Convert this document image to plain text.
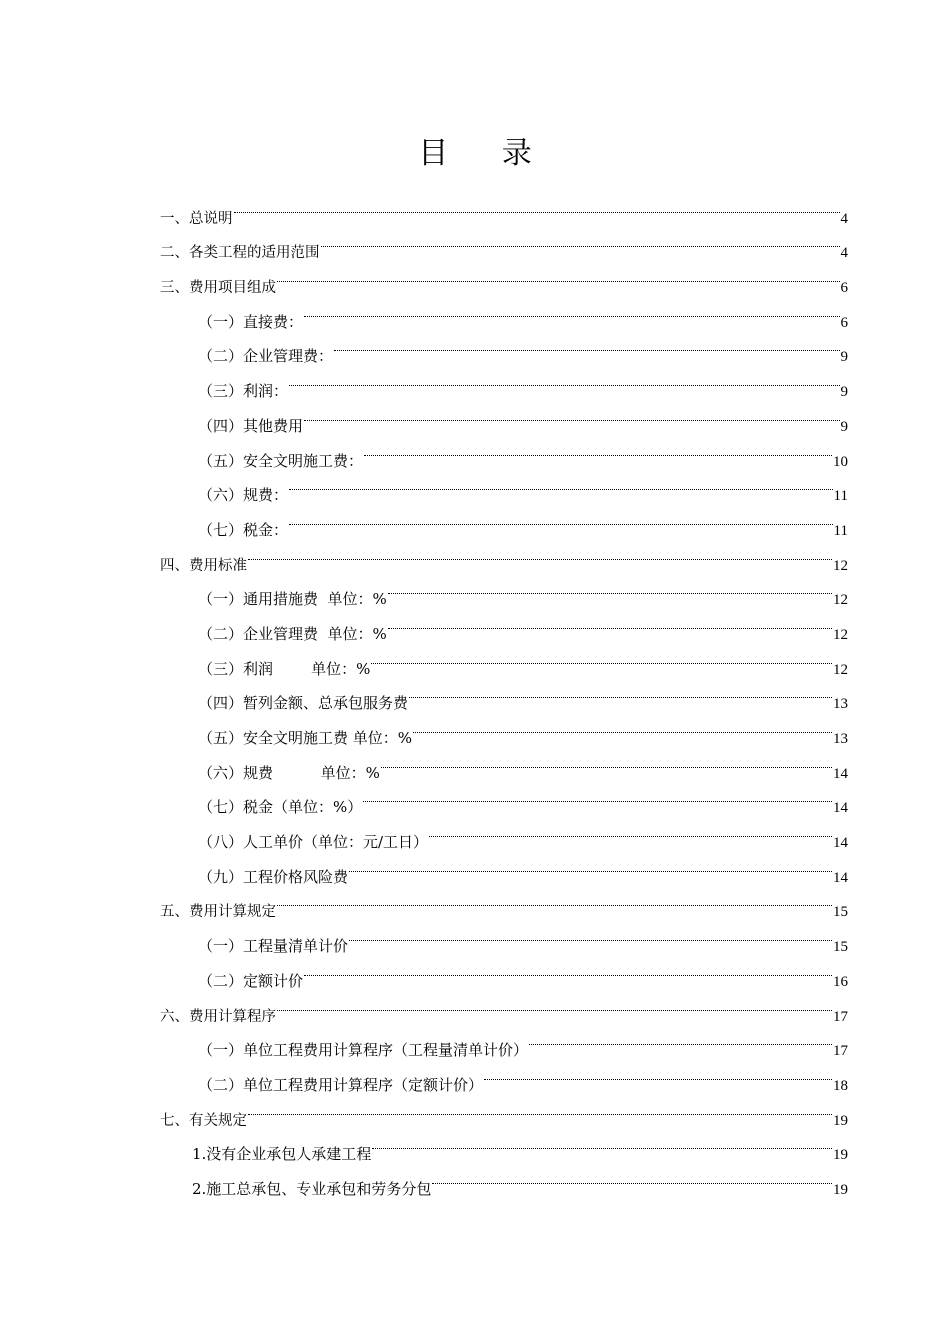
目 录
一、总说明	4
二、各类工程的适用范围	4
三、费用项目组成	6
（一）直接费：	6
（二）企业管理费：	9
（三）利润：	9
（四）其他费用	9
（五）安全文明施工费：	10
（六）规费：	11
（七）税金：	11
四、费用标准	12
（一）通用措施费  单位：%	12
（二）企业管理费  单位：%	12
（三）利润        单位：%	12
（四）暂列金额、总承包服务费	13
（五）安全文明施工费 单位：%	13
（六）规费          单位：%	14
（七）税金（单位：%）	14
（八）人工单价（单位：元/工日）	14
（九）工程价格风险费	14
五、费用计算规定	15
（一）工程量清单计价	15
（二）定额计价	16
六、费用计算程序	17
（一）单位工程费用计算程序（工程量清单计价）	17
（二）单位工程费用计算程序（定额计价）	18
七、有关规定	19
1.没有企业承包人承建工程	19
2.施工总承包、专业承包和劳务分包	19
